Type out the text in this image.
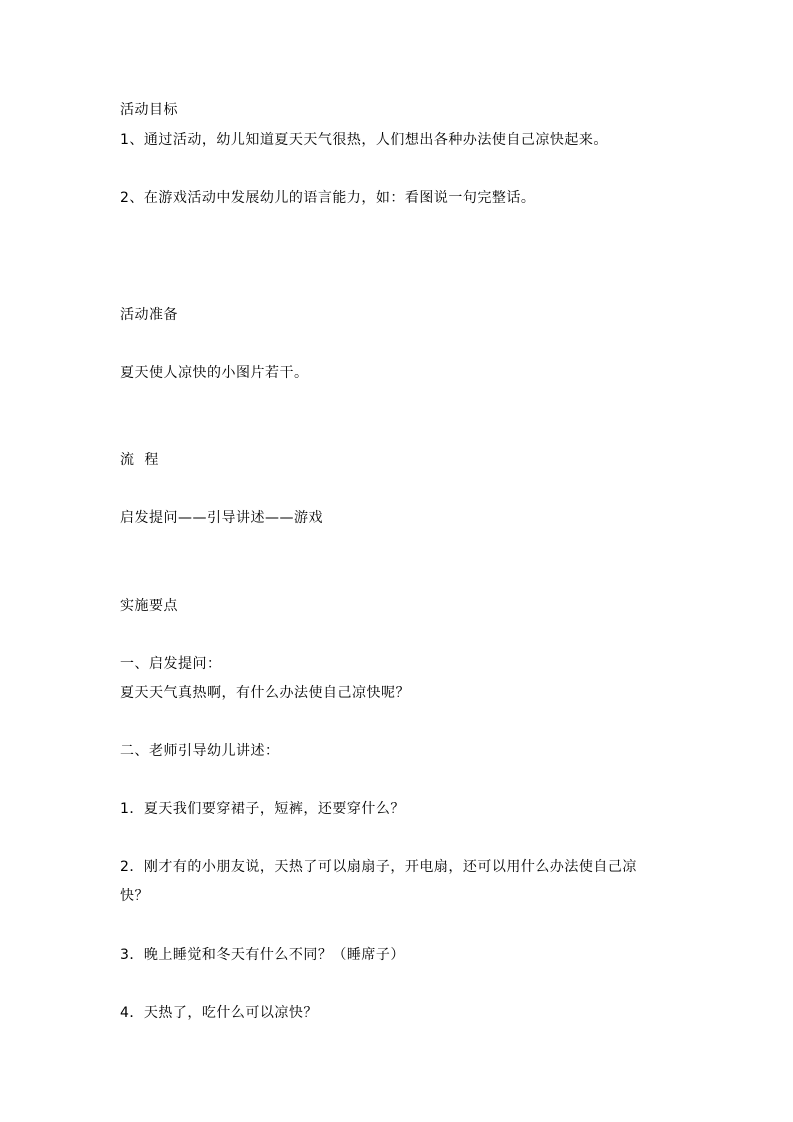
活动目标
1、通过活动，幼儿知道夏天天气很热，人们想出各种办法使自己凉快起来。
2、在游戏活动中发展幼儿的语言能力，如：看图说一句完整话。
活动准备
夏天使人凉快的小图片若干。
流  程
启发提问——引导讲述——游戏
实施要点
一、启发提问：
夏天天气真热啊，有什么办法使自己凉快呢？
二、老师引导幼儿讲述：
1．夏天我们要穿裙子，短裤，还要穿什么？
2．刚才有的小朋友说，天热了可以扇扇子，开电扇，还可以用什么办法使自己凉
快？
3．晚上睡觉和冬天有什么不同？（睡席子）
4．天热了，吃什么可以凉快？
